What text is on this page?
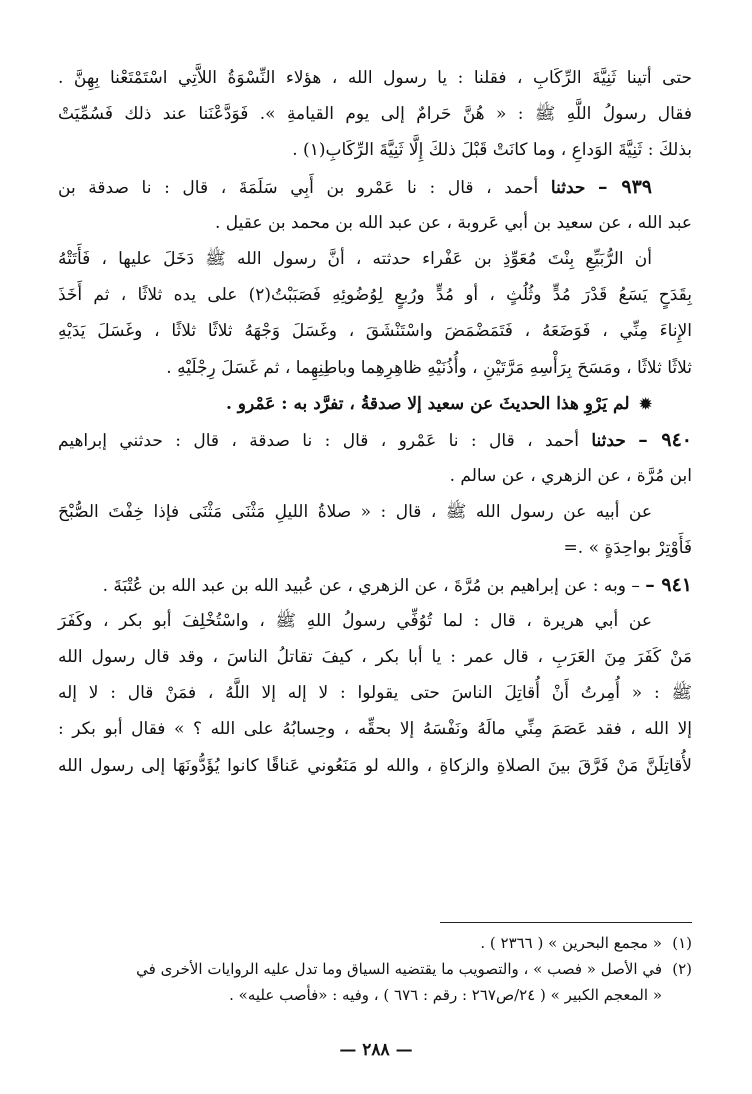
حتى أتينا ثَنِيَّةَ الرِّكَابِ ، فقلنا : يا رسول الله ، هؤلاء النِّسْوَةُ اللاَّتِي اسْتَمْتَعْنا بِهِنَّ .
فقال رسولُ اللَّهِ ﷺ : « هُنَّ حَرامٌ إلى يوم القيامةِ ». فَوَدَّعْنَنا عند ذلك فَسُمِّيَتْ
بذلكَ : ثَنِيَّةَ الوَداعِ ، وما كانَتْ قَبْلَ ذلكَ إِلَّا ثَنِيَّةَ الرِّكَابِ(١) .
٩٣٩ – حدثنا أحمد ، قال : نا عَمْرو بن أَبِي سَلَمَةَ ، قال : نا صدقة بن
عبد الله ، عن سعيد بن أبي عَروبة ، عن عبد الله بن محمد بن عقيل .
أن الرُّبَيِّعِ بِنْتَ مُعَوِّذِ بن عَفْراء حدثته ، أنَّ رسول الله ﷺ دَخَلَ عليها ، فَأَتَتْهُ
بِقَدَحٍ يَسَعُ قَدْرَ مُدٍّ وثُلُثٍ ، أو مُدٍّ ورُبعٍ لِوُضُوئِهِ فَصَبَبْتُ(٢) على يده ثلاثًا ، ثم أَخَذَ
الإِناءَ مِنِّي ، فَوَضَعَهُ ، فَتَمَضْمَضَ واسْتَنْشَقَ ، وغَسَلَ وَجْهَهُ ثلاثًا ثلاثًا ، وغَسَلَ يَدَيْهِ
ثلاثًا ثلاثًا ، ومَسَحَ بِرَأْسِهِ مَرَّتَيْنِ ، وأُذُنَيْهِ ظاهِرِهِما وباطِنِهِما ، ثم غَسَلَ رِجْلَيْهِ .
✹ لم يَرْوِ هذا الحديثَ عن سعيد إلا صدقةُ ، تفرَّد به : عَمْرو .
٩٤٠ – حدثنا أحمد ، قال : نا عَمْرو ، قال : نا صدقة ، قال : حدثني إبراهيم
ابن مُرَّة ، عن الزهري ، عن سالم .
عن أبيه عن رسول الله ﷺ ، قال : « صلاةُ الليلِ مَثْنَى مَثْنَى فإذا خِفْتَ الصُّبْحَ
فَأَوْتِرْ بواحِدَةٍ » .=
٩٤١ – – وبه : عن إبراهيم بن مُرَّةَ ، عن الزهري ، عن عُبيد الله بن عبد الله بن عُتْبَةَ .
عن أبي هريرة ، قال : لما تُوُفِّي رسولُ اللهِ ﷺ ، واسْتُخْلِفَ أبو بكر ، وكَفَرَ
مَنْ كَفَرَ مِنَ العَرَبِ ، قال عمر : يا أبا بكر ، كيفَ تقاتلُ الناسَ ، وقد قال رسول الله
ﷺ : « أُمِرتُ أَنْ أُقاتِلَ الناسَ حتى يقولوا : لا إله إلا اللَّهُ ، فمَنْ قال : لا إله
إلا الله ، فقد عَصَمَ مِنِّي مالَهُ ونَفْسَهُ إلا بحقِّه ، وحِسابُهُ على الله ؟ » فقال أبو بكر :
لأُقاتِلَنَّ مَنْ فَرَّقَ بينَ الصلاةِ والزكاةِ ، والله لو مَنَعُوني عَناقًا كانوا يُؤَدُّونَهَا إلى رسول الله
(١)« مجمع البحرين » ( ٢٣٦٦ ) .
(٢)في الأصل « فصب » ، والتصويب ما يقتضيه السياق وما تدل عليه الروايات الأخرى في
« المعجم الكبير » ( ٢٤/ص٢٦٧ : رقم : ٦٧٦ ) ، وفيه : «فأصب عليه» .
— ٢٨٨ —
